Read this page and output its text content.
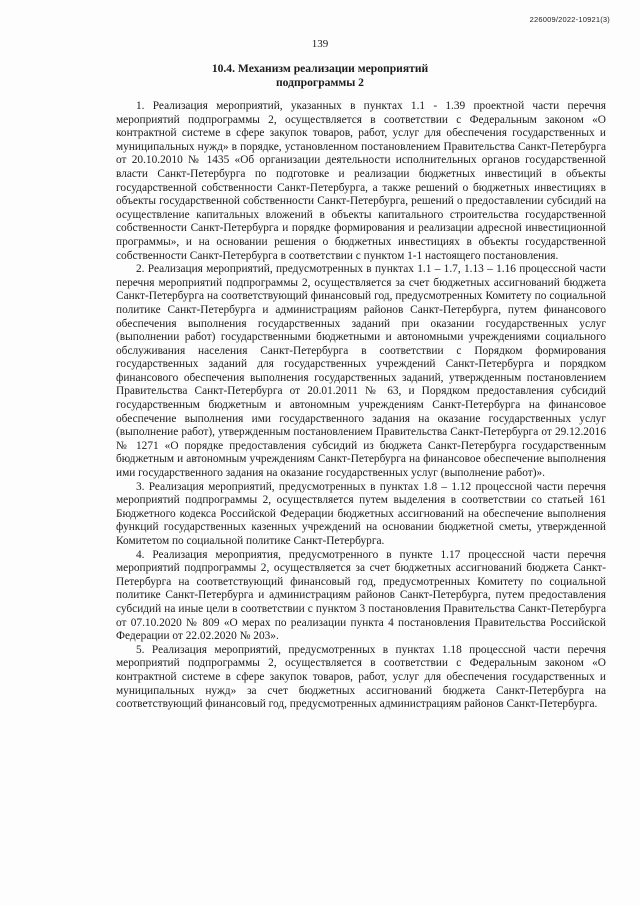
226009/2022-10921(3)
139
10.4. Механизм реализации мероприятий
подпрограммы 2

1. Реализация мероприятий, указанных в пунктах 1.1 - 1.39 проектной части перечня мероприятий подпрограммы 2, осуществляется в соответствии с Федеральным законом «О контрактной системе в сфере закупок товаров, работ, услуг для обеспечения государственных и муниципальных нужд» в порядке, установленном постановлением Правительства Санкт-Петербурга от 20.10.2010 № 1435 «Об организации деятельности исполнительных органов государственной власти Санкт-Петербурга по подготовке и реализации бюджетных инвестиций в объекты государственной собственности Санкт-Петербурга, а также решений о бюджетных инвестициях в объекты государственной собственности Санкт-Петербурга, решений о предоставлении субсидий на осуществление капитальных вложений в объекты капитального строительства государственной собственности Санкт-Петербурга и порядке формирования и реализации адресной инвестиционной программы», и на основании решения о бюджетных инвестициях в объекты государственной собственности Санкт-Петербурга в соответствии с пунктом 1-1 настоящего постановления.

2. Реализация мероприятий, предусмотренных в пунктах 1.1 – 1.7, 1.13 – 1.16 процессной части перечня мероприятий подпрограммы 2, осуществляется за счет бюджетных ассигнований бюджета Санкт-Петербурга на соответствующий финансовый год, предусмотренных Комитету по социальной политике Санкт-Петербурга и администрациям районов Санкт-Петербурга, путем финансового обеспечения выполнения государственных заданий при оказании государственных услуг (выполнении работ) государственными бюджетными и автономными учреждениями социального обслуживания населения Санкт-Петербурга в соответствии с Порядком формирования государственных заданий для государственных учреждений Санкт-Петербурга и порядком финансового обеспечения выполнения государственных заданий, утвержденным постановлением Правительства Санкт-Петербурга от 20.01.2011 № 63, и Порядком предоставления субсидий государственным бюджетным и автономным учреждениям Санкт-Петербурга на финансовое обеспечение выполнения ими государственного задания на оказание государственных услуг (выполнение работ), утвержденным постановлением Правительства Санкт-Петербурга от 29.12.2016 № 1271 «О порядке предоставления субсидий из бюджета Санкт-Петербурга государственным бюджетным и автономным учреждениям Санкт-Петербурга на финансовое обеспечение выполнения ими государственного задания на оказание государственных услуг (выполнение работ)».

3. Реализация мероприятий, предусмотренных в пунктах 1.8 – 1.12 процессной части перечня мероприятий подпрограммы 2, осуществляется путем выделения в соответствии со статьей 161 Бюджетного кодекса Российской Федерации бюджетных ассигнований на обеспечение выполнения функций государственных казенных учреждений на основании бюджетной сметы, утвержденной Комитетом по социальной политике Санкт-Петербурга.

4. Реализация мероприятия, предусмотренного в пункте 1.17 процессной части перечня мероприятий подпрограммы 2, осуществляется за счет бюджетных ассигнований бюджета Санкт-Петербурга на соответствующий финансовый год, предусмотренных Комитету по социальной политике Санкт-Петербурга и администрациям районов Санкт-Петербурга, путем предоставления субсидий на иные цели в соответствии с пунктом 3 постановления Правительства Санкт-Петербурга от 07.10.2020 № 809 «О мерах по реализации пункта 4 постановления Правительства Российской Федерации от 22.02.2020 № 203».

5. Реализация мероприятий, предусмотренных в пунктах 1.18 процессной части перечня мероприятий подпрограммы 2, осуществляется в соответствии с Федеральным законом «О контрактной системе в сфере закупок товаров, работ, услуг для обеспечения государственных и муниципальных нужд» за счет бюджетных ассигнований бюджета Санкт-Петербурга на соответствующий финансовый год, предусмотренных администрациям районов Санкт-Петербурга.
